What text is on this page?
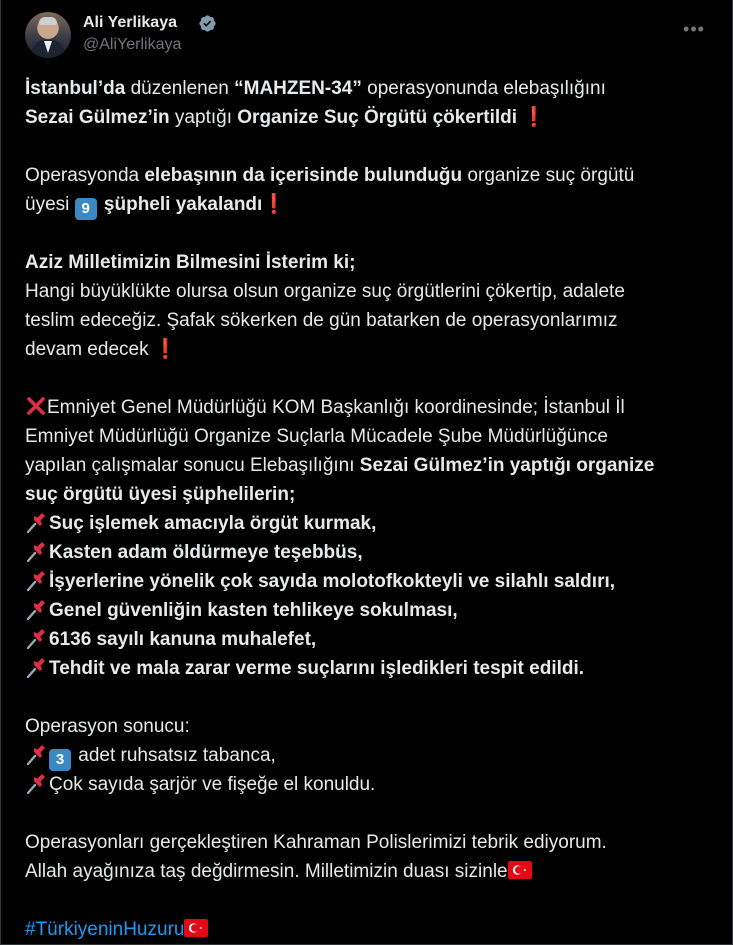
Ali Yerlikaya
@AliYerlikaya
•••
İstanbul’da düzenlenen “MAHZEN-34” operasyonunda elebaşılığını
Sezai Gülmez’in yaptığı Organize Suç Örgütü çökertildi ❗
Operasyonda elebaşının da içerisinde bulunduğu organize suç örgütü
üyesi 9 şüpheli yakalandı❗
Aziz Milletimizin Bilmesini İsterim ki;
Hangi büyüklükte olursa olsun organize suç örgütlerini çökertip, adalete
teslim edeceğiz. Şafak sökerken de gün batarken de operasyonlarımız
devam edecek ❗
Emniyet Genel Müdürlüğü KOM Başkanlığı koordinesinde; İstanbul İl
Emniyet Müdürlüğü Organize Suçlarla Mücadele Şube Müdürlüğünce
yapılan çalışmalar sonucu Elebaşılığını Sezai Gülmez’in yaptığı organize
suç örgütü üyesi şüphelilerin;
Suç işlemek amacıyla örgüt kurmak,
Kasten adam öldürmeye teşebbüs,
İşyerlerine yönelik çok sayıda molotofkokteyli ve silahlı saldırı,
Genel güvenliğin kasten tehlikeye sokulması,
6136 sayılı kanuna muhalefet,
Tehdit ve mala zarar verme suçlarını işledikleri tespit edildi.
Operasyon sonucu:
3 adet ruhsatsız tabanca,
Çok sayıda şarjör ve fişeğe el konuldu.
Operasyonları gerçekleştiren Kahraman Polislerimizi tebrik ediyorum.
Allah ayağınıza taş değdirmesin. Milletimizin duası sizinle
#TürkiyeninHuzuru
